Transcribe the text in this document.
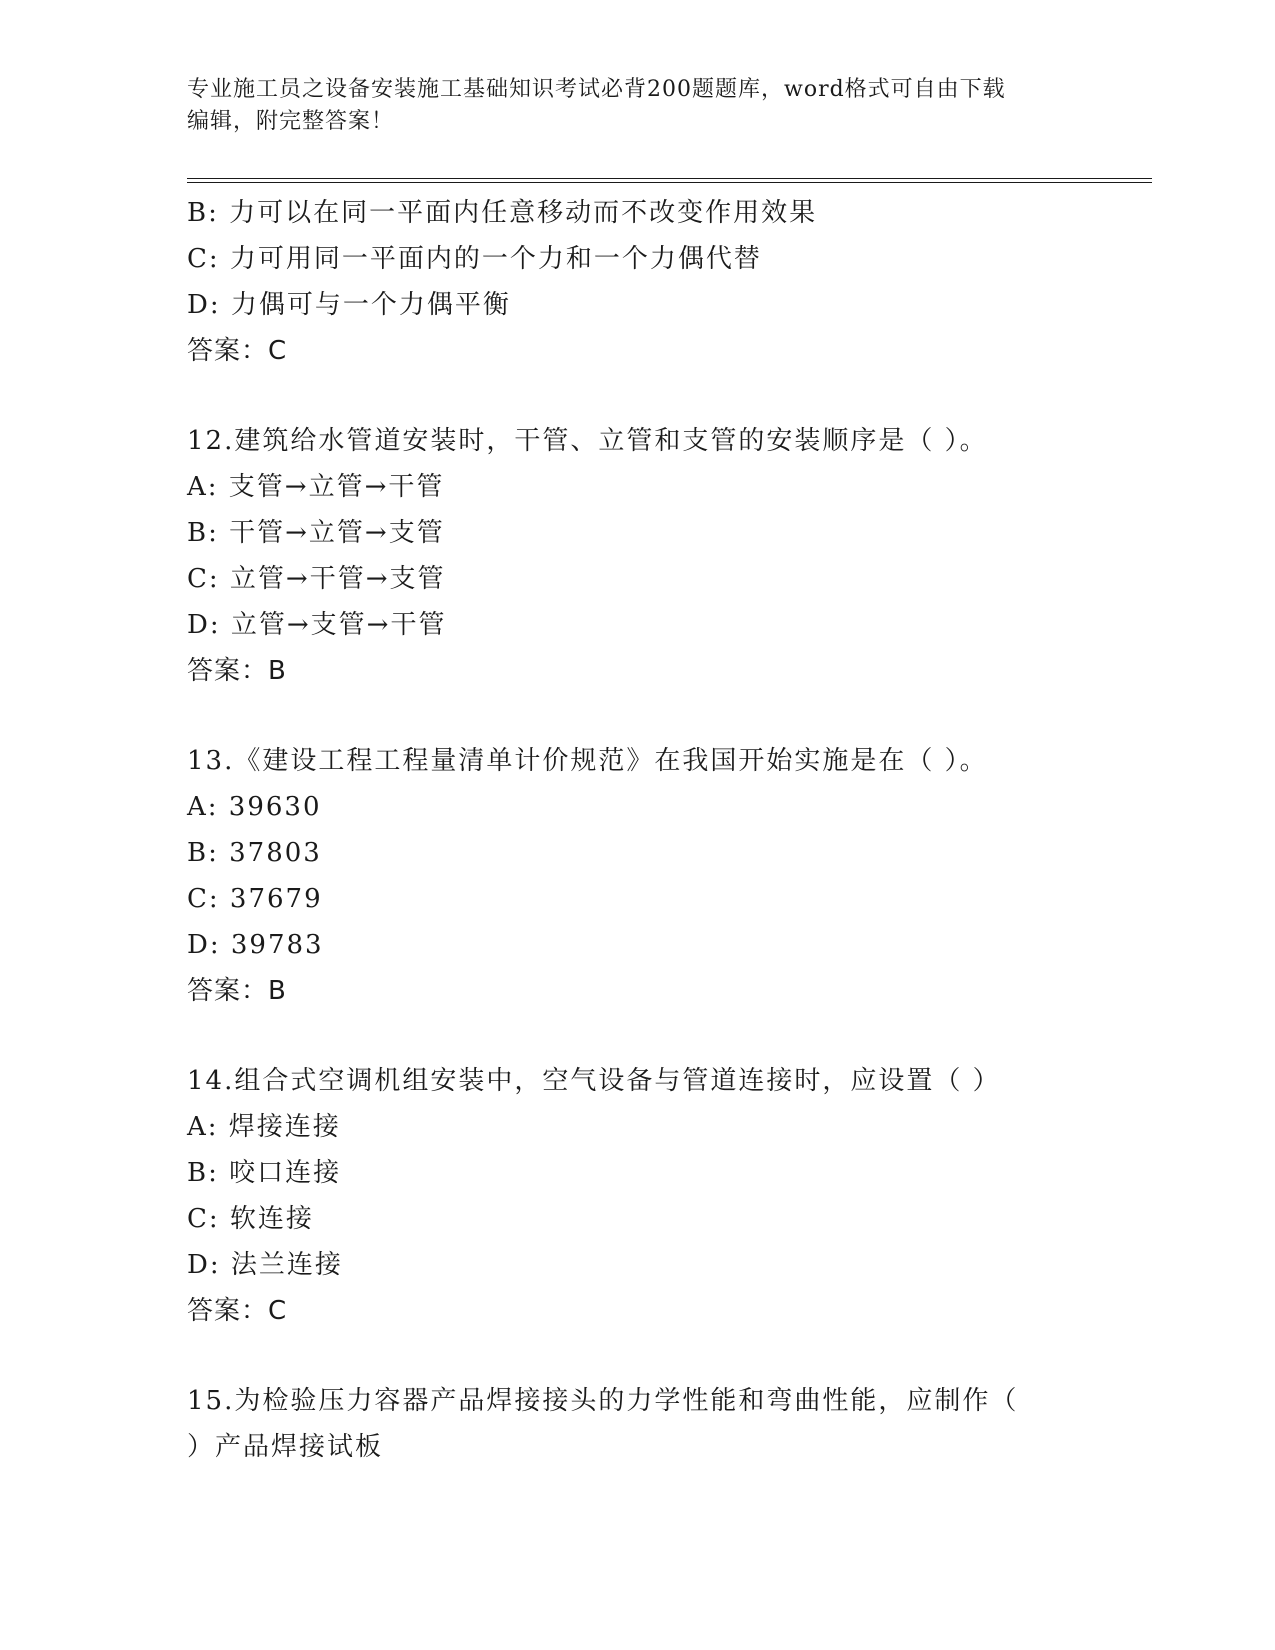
专业施工员之设备安装施工基础知识考试必背200题题库，word格式可自由下载
编辑，附完整答案！
B: 力可以在同一平面内任意移动而不改变作用效果
C: 力可用同一平面内的一个力和一个力偶代替
D: 力偶可与一个力偶平衡
答案：C
12.建筑给水管道安装时，干管、立管和支管的安装顺序是（ ）。
A: 支管→立管→干管
B: 干管→立管→支管
C: 立管→干管→支管
D: 立管→支管→干管
答案：B
13.《建设工程工程量清单计价规范》在我国开始实施是在（ ）。
A: 39630
B: 37803
C: 37679
D: 39783
答案：B
14.组合式空调机组安装中，空气设备与管道连接时，应设置（ ）
A: 焊接连接
B: 咬口连接
C: 软连接
D: 法兰连接
答案：C
15.为检验压力容器产品焊接接头的力学性能和弯曲性能，应制作（
）产品焊接试板
